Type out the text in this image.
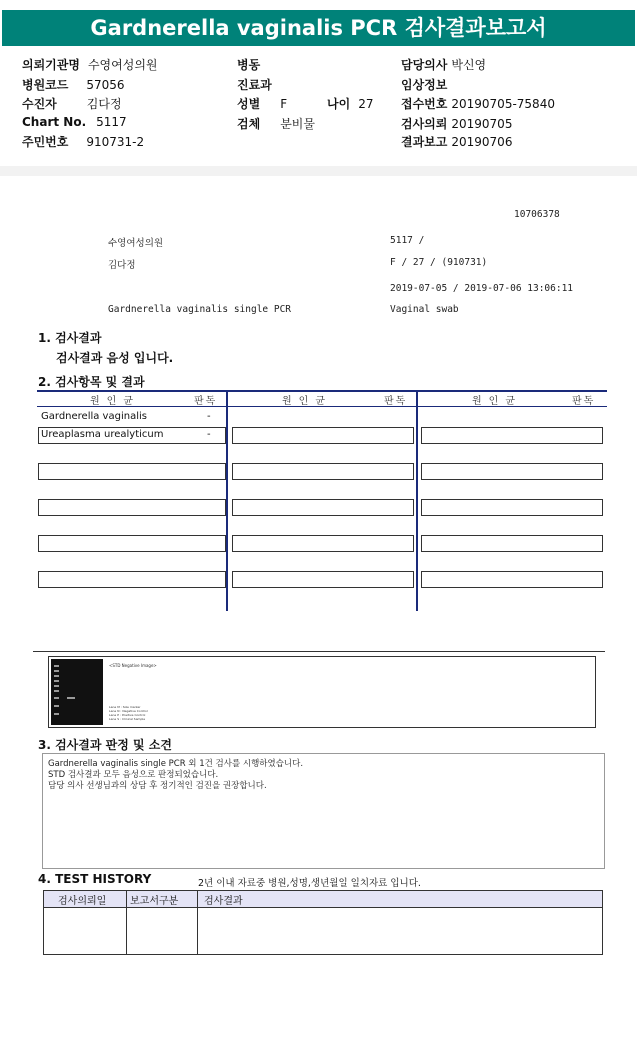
Gardnerella vaginalis PCR 검사결과보고서
의뢰기관명 수영여성의원
병원코드 57056
수진자	김다정
Chart No. 5117
주민번호 910731-2
병동
진료과
성별 F	나이 27
검체 분비물
담당의사 박신영
임상정보
접수번호 20190705-75840
검사의뢰 20190705
결과보고 20190706
10706378
수영여성의원	5117 /
김다정	F / 27 / (910731)
2019-07-05 / 2019-07-06 13:06:11
Gardnerella vaginalis single PCR	Vaginal swab
1. 검사결과
검사결과 음성 입니다.
2. 검사항목 및 결과
원인균	판독	원인균	판독	원인균	판독
Gardnerella vaginalis	-
Ureaplasma urealyticum	-
<STD Negative Image>
Lane M : Size marker
Lane N : Negative Control
Lane P : Positive Control
Lane S : Clinical Sample
3. 검사결과 판정 및 소견
Gardnerella vaginalis single PCR 외 1건 검사를 시행하였습니다.
STD 검사결과 모두 음성으로 판정되었습니다.
담당 의사 선생님과의 상담 후 정기적인 검진을 권장합니다.
4. TEST HISTORY	2년 이내 자료중 병원,성명,생년월일 일치자료 입니다.
검사의뢰일 보고서구분	검사결과
